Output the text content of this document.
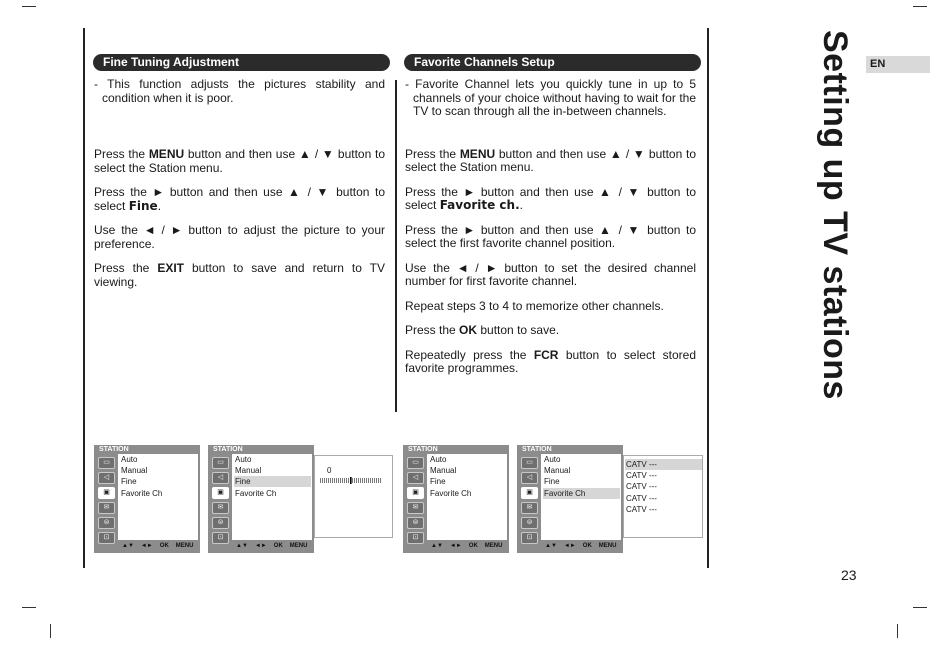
Fine Tuning Adjustment
- This function adjusts the pictures stability and condition when it is poor.
Press the MENU button and then use ▲ / ▼ button to select the Station menu.
Press the ► button and then use ▲ / ▼ button to select Fine.
Use the ◄ / ► button to adjust the picture to your preference.
Press the EXIT button to save and return to TV viewing.
Favorite Channels Setup
- Favorite Channel lets you quickly tune in up to 5 channels of your choice without having to wait for the TV to scan through all the in-between channels.
Press the MENU button and then use ▲ / ▼ button to select the Station menu.
Press the ► button and then use ▲ / ▼ button to select Favorite ch..
Press the ► button and then use ▲ / ▼ button to select the first favorite channel position.
Use the ◄ / ► button to set the desired channel number for first favorite channel.
Repeat steps 3 to 4 to memorize other channels.
Press the OK button to save.
Repeatedly press the FCR button to select stored favorite programmes.	Setting up TV stations	EN
23
STATION
▭
◁
▣
✉
⊜
⊡
Auto
Manual
Fine
Favorite Ch
▲▼ ◄► OK MENU
STATION
▭
◁
▣
✉
⊜
⊡
Auto
Manual
Fine
Favorite Ch
▲▼ ◄► OK MENU
0
STATION
▭
◁
▣
✉
⊜
⊡
Auto
Manual
Fine
Favorite Ch
▲▼ ◄► OK MENU
STATION
▭
◁
▣
✉
⊜
⊡
Auto
Manual
Fine
Favorite Ch
▲▼ ◄► OK MENU
CATV ---
CATV ---
CATV ---
CATV ---
CATV ---
